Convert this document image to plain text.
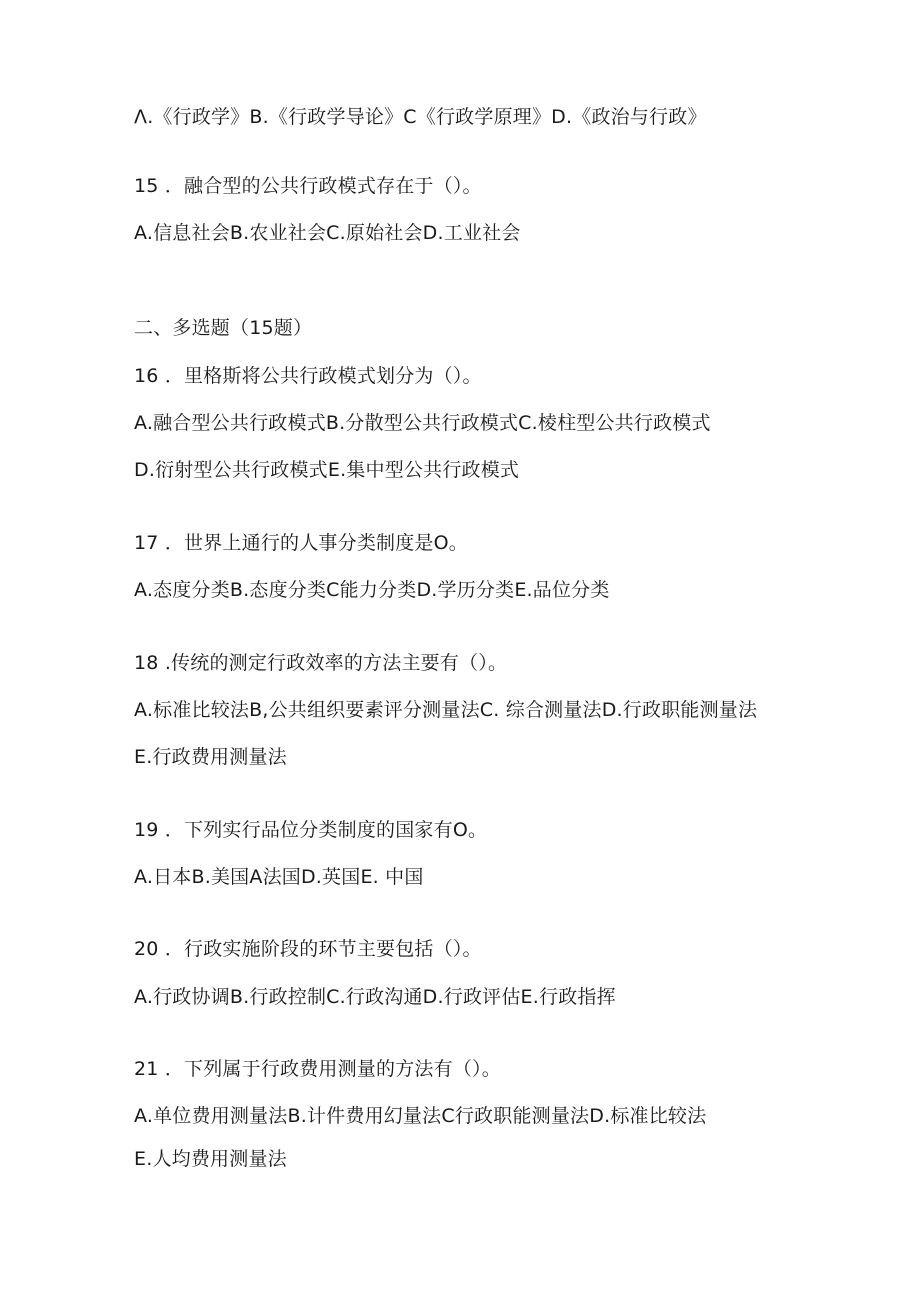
Λ.《行政学》B.《行政学导论》C《行政学原理》D.《政治与行政》
15 ．融合型的公共行政模式存在于（）。
A.信息社会B.农业社会C.原始社会D.工业社会
二、多选题（15题）
16 ．里格斯将公共行政模式划分为（）。
A.融合型公共行政模式B.分散型公共行政模式C.棱柱型公共行政模式
D.衍射型公共行政模式E.集中型公共行政模式
17 ．世界上通行的人事分类制度是O。
A.态度分类B.态度分类C能力分类D.学历分类E.品位分类
18 .传统的测定行政效率的方法主要有（）。
A.标准比较法B,公共组织要素评分测量法C. 综合测量法D.行政职能测量法
E.行政费用测量法
19 ．下列实行品位分类制度的国家有O。
A.日本B.美国A法国D.英国E. 中国
20 ．行政实施阶段的环节主要包括（）。
A.行政协调B.行政控制C.行政沟通D.行政评估E.行政指挥
21 ．下列属于行政费用测量的方法有（）。
A.单位费用测量法B.计件费用幻量法C行政职能测量法D.标准比较法
E.人均费用测量法
